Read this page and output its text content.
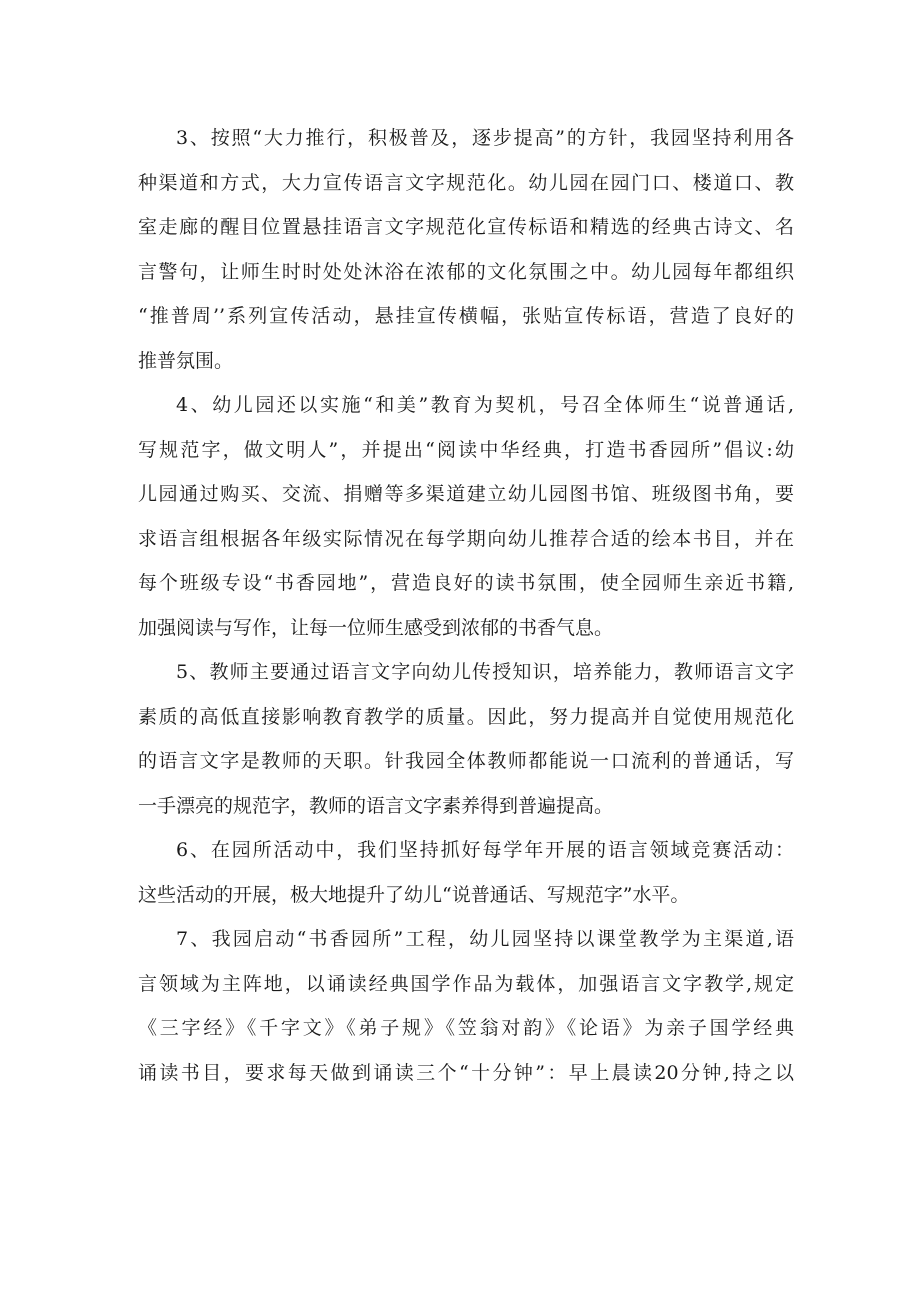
3、按照“大力推行，积极普及，逐步提高”的方针，我园坚持利用各
种渠道和方式，大力宣传语言文字规范化。幼儿园在园门口、楼道口、教
室走廊的醒目位置悬挂语言文字规范化宣传标语和精选的经典古诗文、名
言警句，让师生时时处处沐浴在浓郁的文化氛围之中。幼儿园每年都组织
“推普周’’系列宣传活动，悬挂宣传横幅，张贴宣传标语，营造了良好的
推普氛围。
4、幼儿园还以实施“和美”教育为契机，号召全体师生“说普通话,
写规范字，做文明人”，并提出“阅读中华经典，打造书香园所”倡议:幼
儿园通过购买、交流、捐赠等多渠道建立幼儿园图书馆、班级图书角，要
求语言组根据各年级实际情况在每学期向幼儿推荐合适的绘本书目，并在
每个班级专设“书香园地”，营造良好的读书氛围，使全园师生亲近书籍,
加强阅读与写作，让每一位师生感受到浓郁的书香气息。
5、教师主要通过语言文字向幼儿传授知识，培养能力，教师语言文字
素质的高低直接影响教育教学的质量。因此，努力提高并自觉使用规范化
的语言文字是教师的天职。针我园全体教师都能说一口流利的普通话，写
一手漂亮的规范字，教师的语言文字素养得到普遍提高。
6、在园所活动中，我们坚持抓好每学年开展的语言领域竞赛活动：
这些活动的开展，极大地提升了幼儿“说普通话、写规范字”水平。
7、我园启动“书香园所”工程，幼儿园坚持以课堂教学为主渠道,语
言领域为主阵地，以诵读经典国学作品为载体，加强语言文字教学,规定
《三字经》《千字文》《弟子规》《笠翁对韵》《论语》为亲子国学经典
诵读书目，要求每天做到诵读三个“十分钟”：早上晨读20分钟,持之以
